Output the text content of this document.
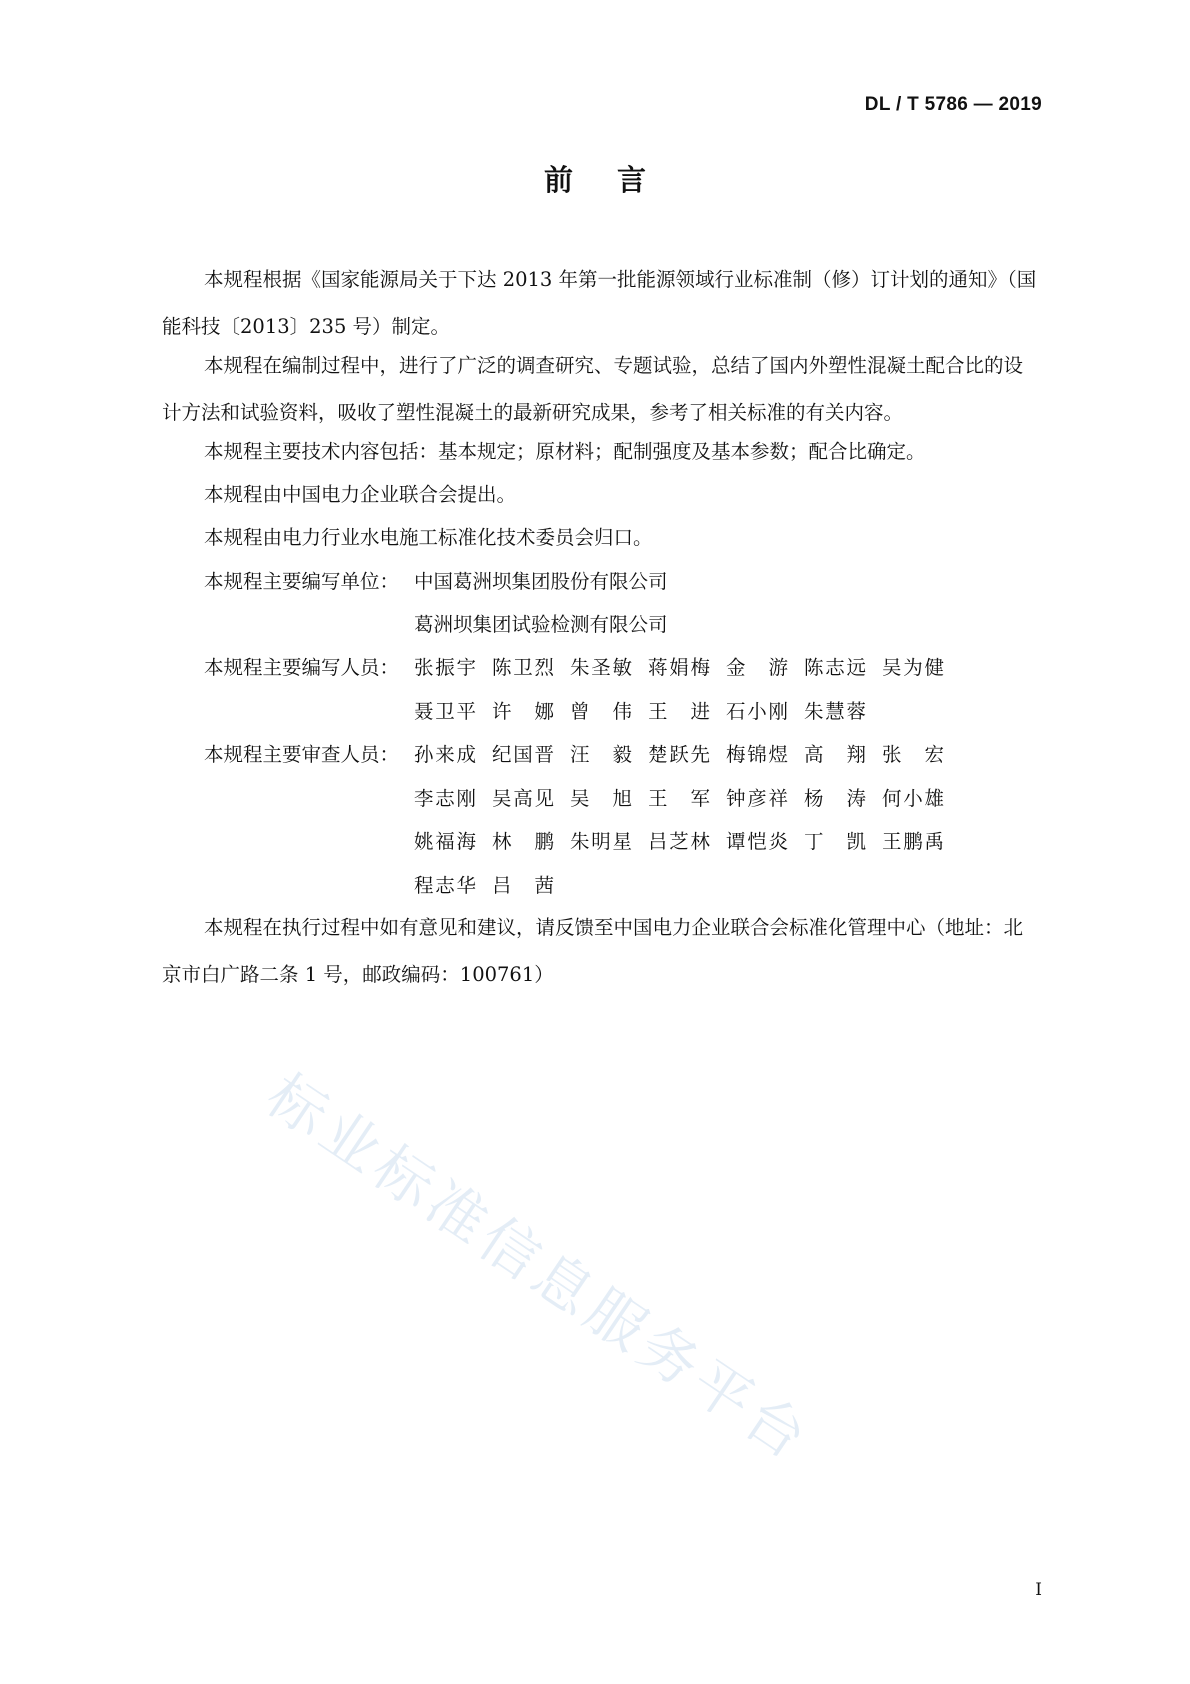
DL / T 5786 — 2019
前言

本规程根据《国家能源局关于下达 2013 年第一批能源领域行业标准制（修）订计划的通知》（国能科技〔2013〕235 号）制定。

本规程在编制过程中，进行了广泛的调查研究、专题试验，总结了国内外塑性混凝土配合比的设计方法和试验资料，吸收了塑性混凝土的最新研究成果，参考了相关标准的有关内容。

本规程主要技术内容包括：基本规定；原材料；配制强度及基本参数；配合比确定。

本规程由中国电力企业联合会提出。

本规程由电力行业水电施工标准化技术委员会归口。

本规程主要编写单位： 中国葛洲坝集团股份有限公司
葛洲坝集团试验检测有限公司
本规程主要编写人员： 张振宇 陈卫烈 朱圣敏 蒋娟梅 金 游 陈志远 吴为健
聂卫平 许 娜 曾 伟 王 进 石小刚 朱慧蓉
本规程主要审查人员： 孙来成 纪国晋 汪 毅 楚跃先 梅锦煜 高 翔 张 宏
李志刚 吴高见 吴 旭 王 军 钟彦祥 杨 涛 何小雄
姚福海 林 鹏 朱明星 吕芝林 谭恺炎 丁 凯 王鹏禹
程志华 吕 茜

本规程在执行过程中如有意见和建议，请反馈至中国电力企业联合会标准化管理中心（地址：北京市白广路二条 1 号，邮政编码：100761）

标业标准信息服务平台
I
